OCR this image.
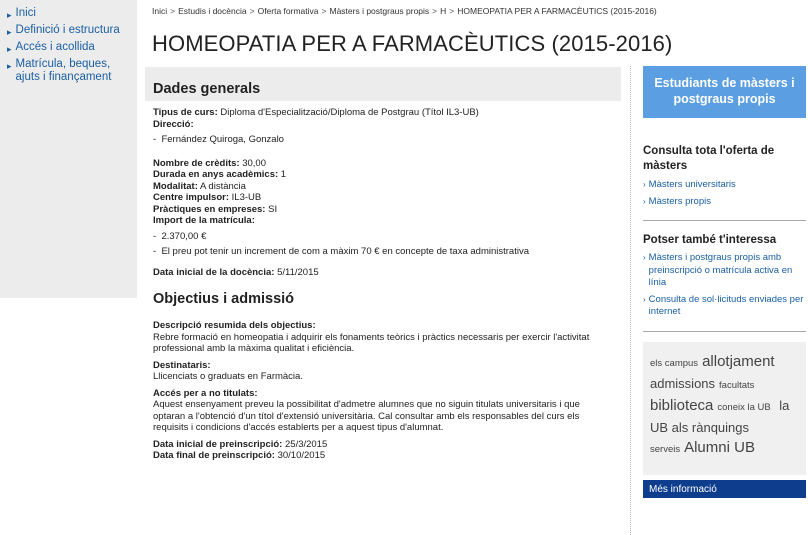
▸ Inici
▸ Definició i estructura
▸ Accés i acollida
▸ Matrícula, beques, ajuts i finançament
Inici > Estudis i docència > Oferta formativa > Màsters i postgraus propis > H > HOMEOPATIA PER A FARMACÈUTICS (2015-2016)
HOMEOPATIA PER A FARMACÈUTICS (2015-2016)
Dades generals
Tipus de curs: Diploma d'Especialització/Diploma de Postgrau (Títol IL3-UB)
Direcció:
-  Fernández Quiroga, Gonzalo
Nombre de crèdits: 30,00
Durada en anys acadèmics: 1
Modalitat: A distància
Centre impulsor: IL3-UB
Pràctiques en empreses: SI
Import de la matrícula:
-  2.370,00 €
-  El preu pot tenir un increment de com a màxim 70 € en concepte de taxa administrativa
Data inicial de la docència: 5/11/2015
Objectius i admissió
Descripció resumida dels objectius:
Rebre formació en homeopatia i adquirir els fonaments teòrics i pràctics necessaris per exercir l'activitat professional amb la màxima qualitat i eficiència.
Destinataris:
Llicenciats o graduats en Farmàcia.
Accés per a no titulats:
Aquest ensenyament preveu la possibilitat d'admetre alumnes que no siguin titulats universitaris i que optaran a l'obtenció d'un títol d'extensió universitària. Cal consultar amb els responsables del curs els requisits i condicions d'accés establerts per a aquest tipus d'alumnat.
Data inicial de preinscripció: 25/3/2015
Data final de preinscripció: 30/10/2015
Estudiants de màsters i postgraus propis
Consulta tota l'oferta de màsters
› Màsters universitaris
› Màsters propis
Potser també t'interessa
› Màsters i postgraus propis amb preinscripció o matrícula activa en línia
› Consulta de sol·licituds enviades per internet
els campus allotjament admissions facultats biblioteca coneix la UB la UB als rànquings serveis Alumni UB
Més informació
